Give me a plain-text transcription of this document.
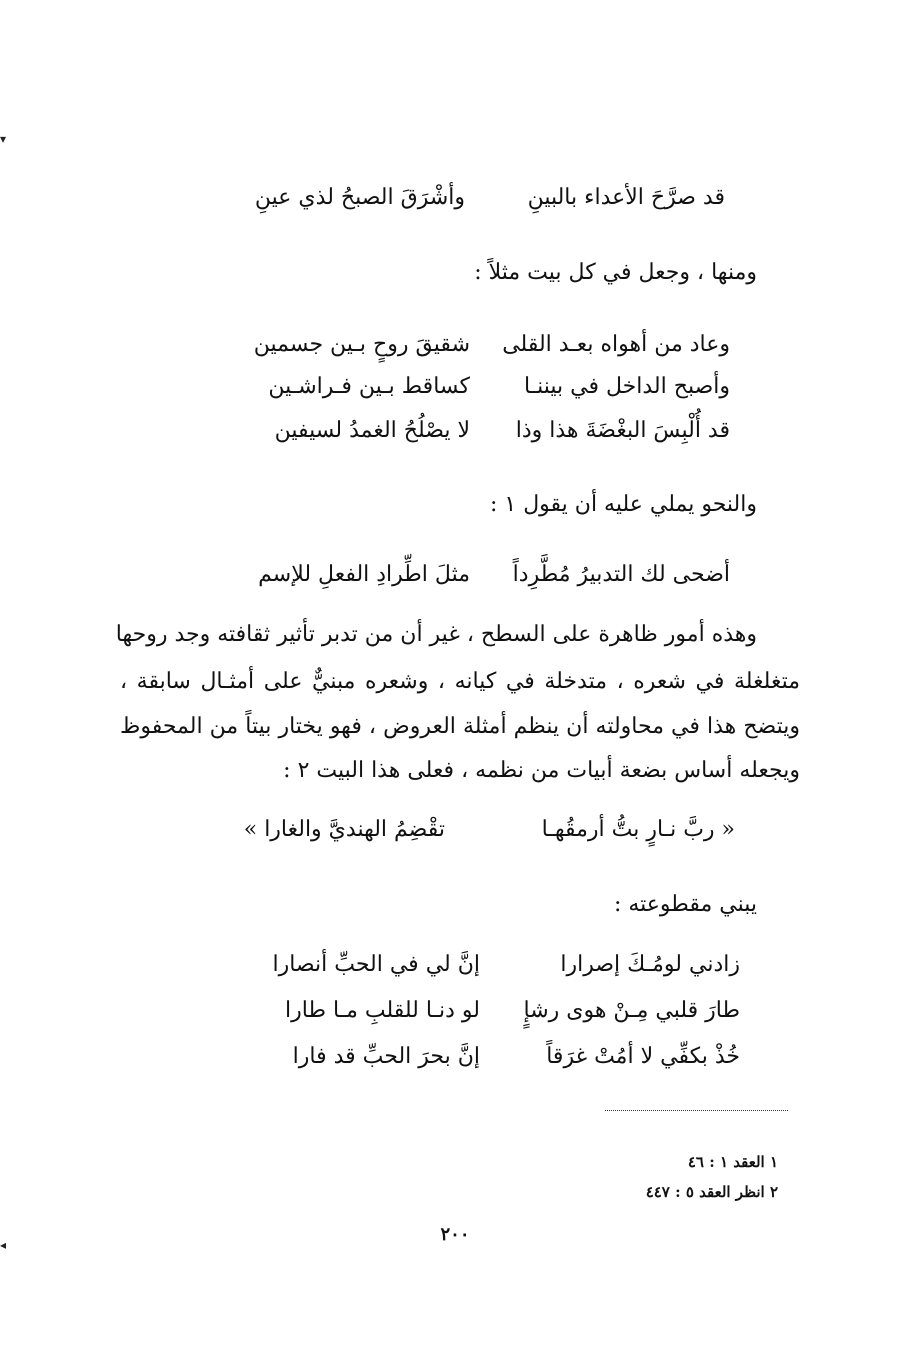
قد صرَّحَ الأعداء بالبينِ
وأشْرَقَ الصبحُ لذي عينِ
ومنها ، وجعل في كل بيت مثلاً :
وعاد من أهواه بعـد القلى
شقيقَ روحٍ بـين جسمين
وأصبح الداخل في بيننـا
كساقط بـين فـراشـين
قد أُلْبِسَ البغْضَةَ هذا وذا
لا يصْلُحُ الغمدُ لسيفين
والنحو يملي عليه أن يقول ١ :
أضحى لك التدبيرُ مُطَّرِداً
مثلَ اطِّرادِ الفعلِ للإسم
وهذه أمور ظاهرة على السطح ، غير أن من تدبر تأثير ثقافته وجد روحها
متغلغلة في شعره ، متدخلة في كيانه ، وشعره مبنيٌّ على أمثـال سابقة ،
ويتضح هذا في محاولته أن ينظم أمثلة العروض ، فهو يختار بيتاً من المحفوظ
ويجعله أساس بضعة أبيات من نظمه ، فعلى هذا البيت ٢ :
« ربَّ نـارٍ بتُّ أرمقُهـا
تقْضِمُ الهنديَّ والغارا »
يبني مقطوعته :
زادني لومُـكَ إصرارا
إنَّ لي في الحبِّ أنصارا
طارَ قلبي مِـنْ هوى رشإٍ
لو دنـا للقلبِ مـا طارا
خُذْ بكفِّي لا أمُتْ غرَقاً
إنَّ بحرَ الحبِّ قد فارا
١ العقد ١ : ٤٦
٢ انظر العقد ٥ : ٤٤٧
٢٠٠
▾
◂
